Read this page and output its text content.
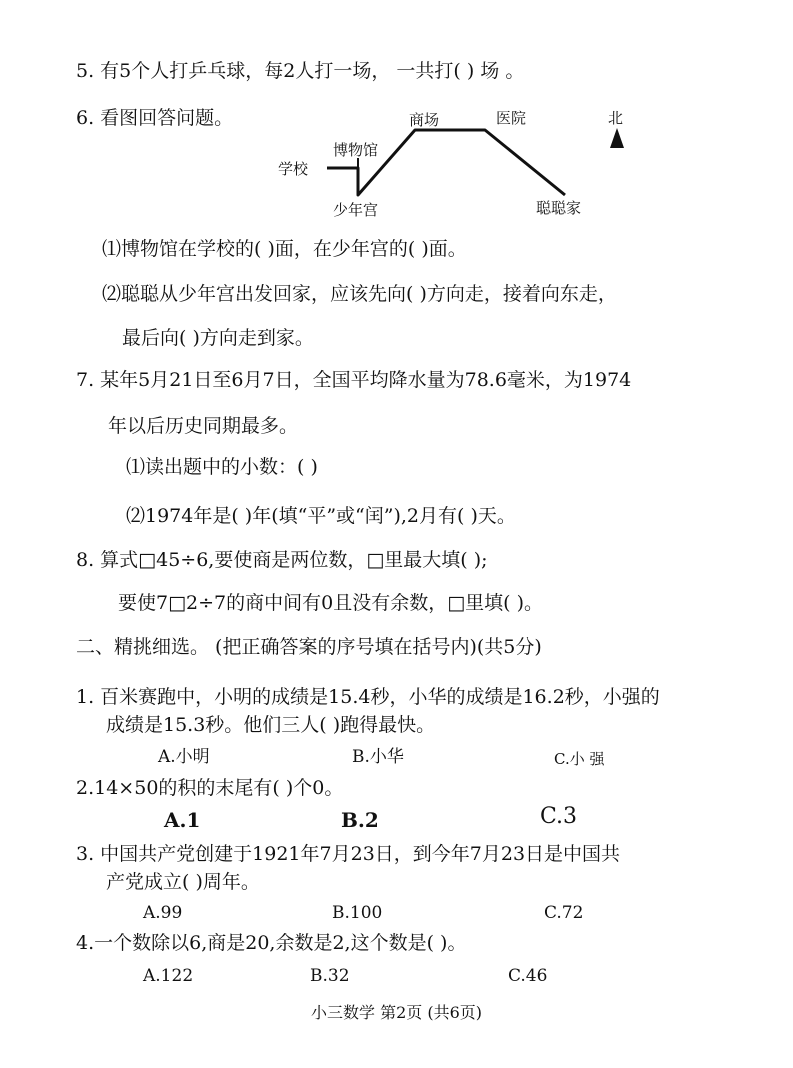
5. 有5个人打乒乓球，每2人打一场， 一共打( ) 场 。
6. 看图回答问题。
学校
博物馆
少年宫
商场	医院
聪聪家
北
⑴博物馆在学校的( )面，在少年宫的( )面。
⑵聪聪从少年宫出发回家，应该先向( )方向走，接着向东走，
最后向( )方向走到家。
7. 某年5月21日至6月7日，全国平均降水量为78.6毫米，为1974
年以后历史同期最多。
⑴读出题中的小数：( )
⑵1974年是( )年(填“平”或“闰”),2月有( )天。
8. 算式□45÷6,要使商是两位数，□里最大填( );
要使7□2÷7的商中间有0且没有余数，□里填( )。
二、精挑细选。 (把正确答案的序号填在括号内)(共5分)
1. 百米赛跑中，小明的成绩是15.4秒，小华的成绩是16.2秒，小强的
成绩是15.3秒。他们三人( )跑得最快。
A.小明	B.小华	C.小 强
2.14×50的积的末尾有( )个0。
A.1	B.2	C.3
3. 中国共产党创建于1921年7月23日，到今年7月23日是中国共
产党成立( )周年。
A.99	B.100	C.72
4.一个数除以6,商是20,余数是2,这个数是( )。
A.122	B.32	C.46
小三数学 第2页 (共6页)
